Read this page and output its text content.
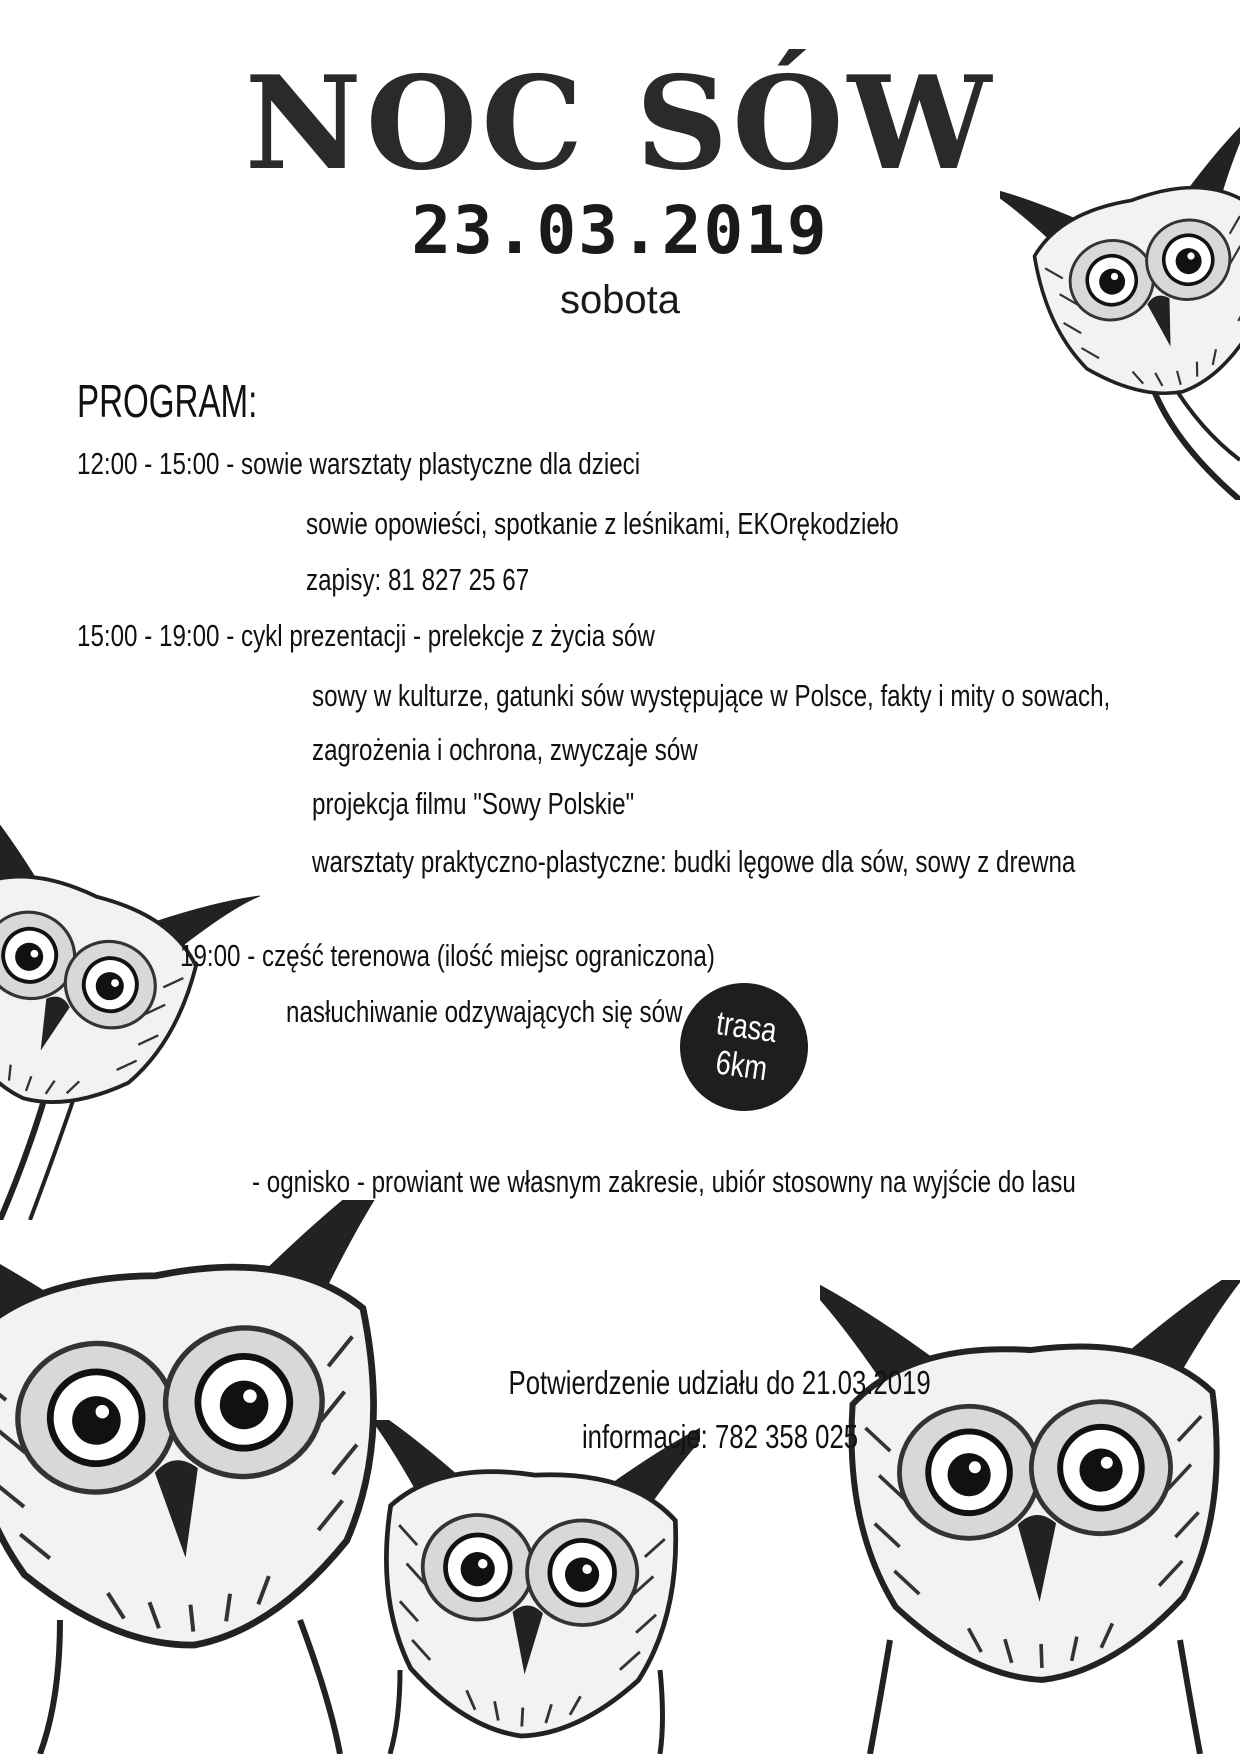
NOC SÓW
23.03.2019
sobota
PROGRAM:
12:00 - 15:00 - sowie warsztaty plastyczne dla dzieci
sowie opowieści, spotkanie z leśnikami, EKOrękodzieło
zapisy: 81 827 25 67
15:00 - 19:00 - cykl prezentacji - prelekcje z życia sów
sowy w kulturze, gatunki sów występujące w Polsce, fakty i mity o sowach,
zagrożenia i ochrona, zwyczaje sów
projekcja filmu "Sowy Polskie"
warsztaty praktyczno-plastyczne: budki lęgowe dla sów, sowy z drewna
19:00 - część terenowa (ilość miejsc ograniczona)
nasłuchiwanie odzywających się sów trasa
6km
- ognisko - prowiant we własnym zakresie, ubiór stosowny na wyjście do lasu
Potwierdzenie udziału do 21.03.2019
informacje: 782 358 025
